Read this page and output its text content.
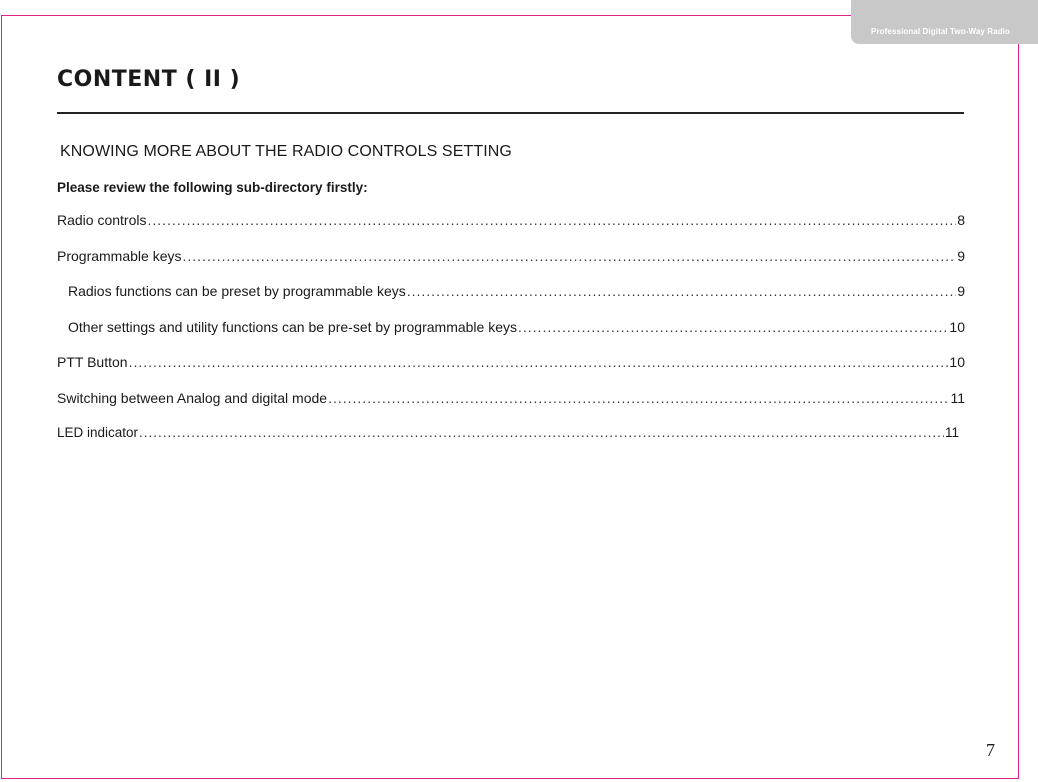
Professional Digital Two-Way Radio
CONTENT ( II )
KNOWING MORE ABOUT THE RADIO CONTROLS SETTING
Please review the following sub-directory firstly:
Radio controls .....	8
Programmable keys .....	9
Radios functions can be preset by programmable keys .....	9
Other settings and utility functions can be pre-set by programmable keys .....	10
PTT Button .....	10
Switching between Analog and digital mode .....	11
LED indicator .....	11
7
